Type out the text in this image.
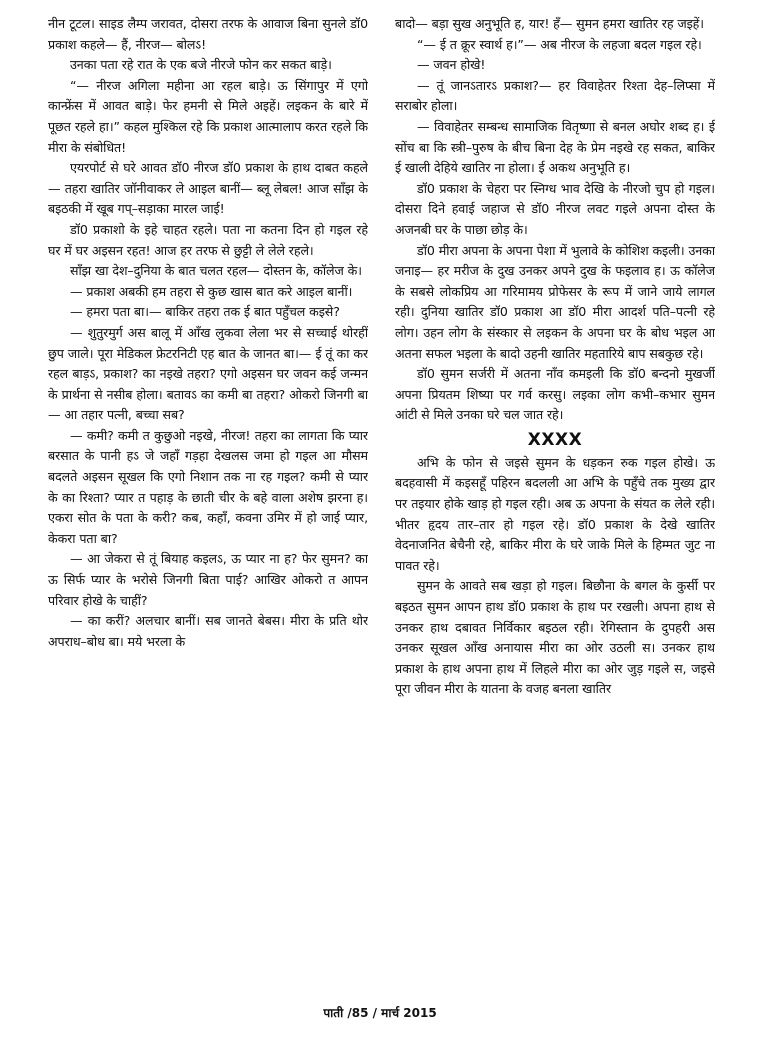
नीन टूटल। साइड लैम्प जरावत, दोसरा तरफ के आवाज बिना सुनले डॉ0 प्रकाश कहले— हैं, नीरज— बोलऽ!

उनका पता रहे रात के एक बजे नीरजे फोन कर सकत बाड़े।

“— नीरज अगिला महीना आ रहल बाड़े। ऊ सिंगापुर में एगो कान्फ्रेंस में आवत बाड़े। फेर हमनी से मिले अइहें। लइकन के बारे में पूछत रहले हा।” कहल मुश्किल रहे कि प्रकाश आत्मालाप करत रहले कि मीरा के संबोधित!

एयरपोर्ट से घरे आवत डॉ0 नीरज डॉ0 प्रकाश के हाथ दाबत कहले— तहरा खातिर जॉनीवाकर ले आइल बानीं— ब्लू लेबल! आज साँझ के बइठकी में खूब गप्–सड़ाका मारल जाई!

डॉ0 प्रकाशो के इहे चाहत रहले। पता ना कतना दिन हो गइल रहे घर में घर अइसन रहत! आज हर तरफ से छुट्टी ले लेले रहले।

साँझ खा देश–दुनिया के बात चलत रहल— दोस्तन के, कॉलेज के।

— प्रकाश अबकी हम तहरा से कुछ खास बात करे आइल बानीं।

— हमरा पता बा।— बाकिर तहरा तक ई बात पहुँचल कइसे?

— शुतुरमुर्ग अस बालू में आँख लुकवा लेला भर से सच्चाई थोरहीं छुप जाले। पूरा मेडिकल फ्रेटरनिटी एह बात के जानत बा।— ई तूं का कर रहल बाड़ऽ, प्रकाश? का नइखे तहरा? एगो अइसन घर जवन कई जन्मन के प्रार्थना से नसीब होला। बतावऽ का कमी बा तहरा? ओकरो जिनगी बा— आ तहार पत्नी, बच्चा सब?

— कमी? कमी त कुछुओ नइखे, नीरज! तहरा का लागता कि प्यार बरसात के पानी हऽ जे जहाँ गड़हा देखलस जमा हो गइल आ मौसम बदलते अइसन सूखल कि एगो निशान तक ना रह गइल? कमी से प्यार के का रिश्ता? प्यार त पहाड़ के छाती चीर के बहे वाला अशेष झरना ह। एकरा सोत के पता के करी? कब, कहाँ, कवना उमिर में हो जाई प्यार, केकरा पता बा?

— आ जेकरा से तूं बियाह कइलऽ, ऊ प्यार ना ह? फेर सुमन? का ऊ सिर्फ प्यार के भरोसे जिनगी बिता पाई? आखिर ओकरो त आपन परिवार होखे के चाहीं?

— का करीं? अलचार बानीं। सब जानते बेबस। मीरा के प्रति थोर अपराध–बोध बा। मये भरला के

बादो— बड़ा सुख अनुभूति ह, यार! हँ— सुमन हमरा खातिर रह जइहें।

“— ई त क्रूर स्वार्थ ह।”— अब नीरज के लहजा बदल गइल रहे।

— जवन होखे!

— तूं जानऽतारऽ प्रकाश?— हर विवाहेतर रिश्ता देह–लिप्सा में सराबोर होला।

— विवाहेतर सम्बन्ध सामाजिक वितृष्णा से बनल अघोर शब्द ह। ई सोंच बा कि स्त्री–पुरुष के बीच बिना देह के प्रेम नइखे रह सकत, बाकिर ई खाली देहिये खातिर ना होला। ई अकथ अनुभूति ह।

डॉ0 प्रकाश के चेहरा पर स्निग्ध भाव देखि के नीरजो चुप हो गइल। दोसरा दिने हवाई जहाज से डॉ0 नीरज लवट गइले अपना दोस्त के अजनबी घर के पाछा छोड़ के।

डॉ0 मीरा अपना के अपना पेशा में भुलावे के कोशिश कइली। उनका जनाइ— हर मरीज के दुख उनकर अपने दुख के फइलाव ह। ऊ कॉलेज के सबसे लोकप्रिय आ गरिमामय प्रोफेसर के रूप में जाने जाये लागल रही। दुनिया खातिर डॉ0 प्रकाश आ डॉ0 मीरा आदर्श पति–पत्नी रहे लोग। उहन लोग के संस्कार से लइकन के अपना घर के बोध भइल आ अतना सफल भइला के बादो उहनी खातिर महतारिये बाप सबकुछ रहे।

डॉ0 सुमन सर्जरी में अतना नाँव कमइली कि डॉ0 बन्दनो मुखर्जी अपना प्रियतम शिष्या पर गर्व करसु। लइका लोग कभी–कभार सुमन आंटी से मिले उनका घरे चल जात रहे।

XXXX

अभि के फोन से जइसे सुमन के धड़कन रुक गइल होखे। ऊ बदहवासी में कइसहूँ पहिरन बदलली आ अभि के पहुँचे तक मुख्य द्वार पर तइयार होके खाड़ हो गइल रही। अब ऊ अपना के संयत क लेले रही। भीतर हृदय तार–तार हो गइल रहे। डॉ0 प्रकाश के देखे खातिर वेदनाजनित बेचैनी रहे, बाकिर मीरा के घरे जाके मिले के हिम्मत जुट ना पावत रहे।

सुमन के आवते सब खड़ा हो गइल। बिछौना के बगल के कुर्सी पर बइठत सुमन आपन हाथ डॉ0 प्रकाश के हाथ पर रखली। अपना हाथ से उनकर हाथ दबावत निर्विकार बइठल रही। रेगिस्तान के दुपहरी अस उनकर सूखल आँख अनायास मीरा का ओर उठली स। उनकर हाथ प्रकाश के हाथ अपना हाथ में लिहले मीरा का ओर जुड़ गइले स, जइसे पूरा जीवन मीरा के यातना के वजह बनला खातिर

पाती /85 / मार्च 2015
